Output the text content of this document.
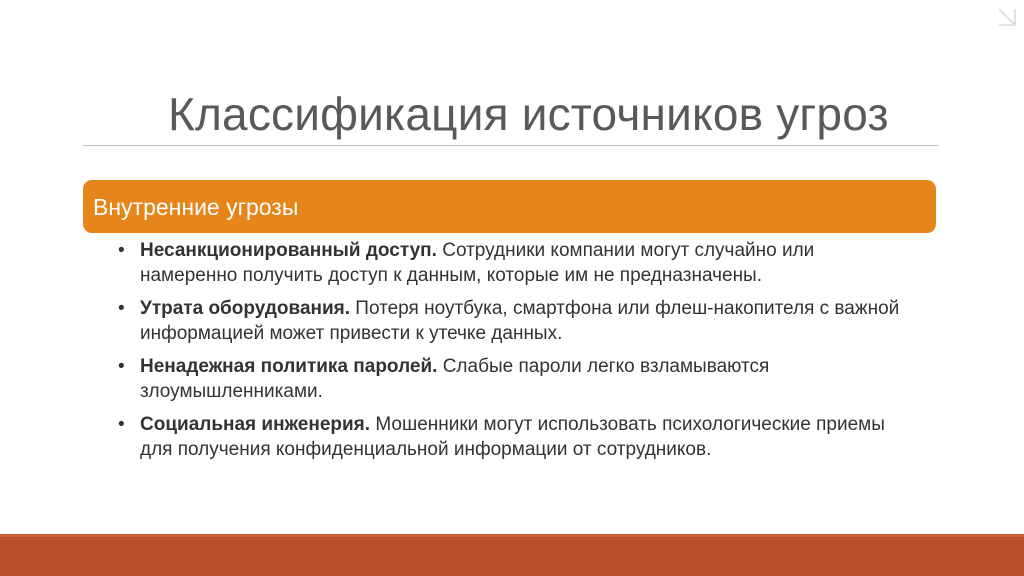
Классификация источников угроз
Внутренние угрозы
• Несанкционированный доступ. Сотрудники компании могут случайно или намеренно получить доступ к данным, которые им не предназначены.
• Утрата оборудования. Потеря ноутбука, смартфона или флеш-накопителя с важной информацией может привести к утечке данных.
• Ненадежная политика паролей. Слабые пароли легко взламываются злоумышленниками.
• Социальная инженерия. Мошенники могут использовать психологические приемы для получения конфиденциальной информации от сотрудников.
